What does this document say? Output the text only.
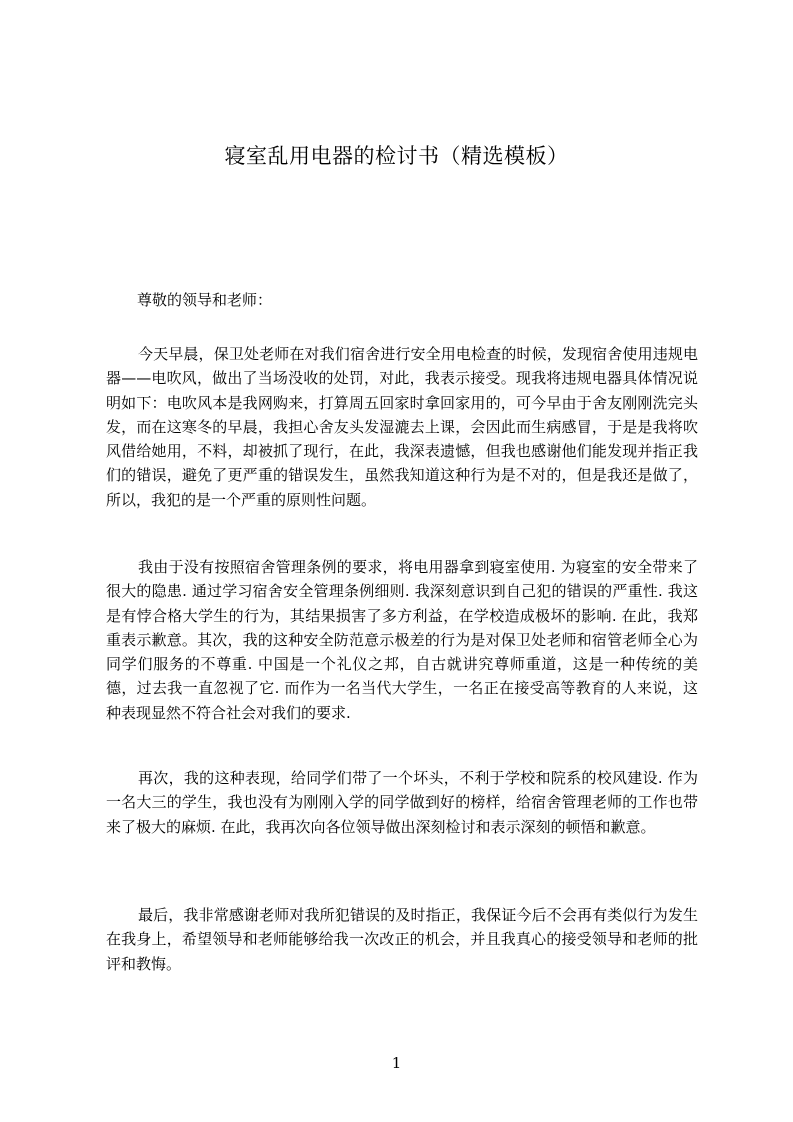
寝室乱用电器的检讨书（精选模板）

尊敬的领导和老师：

今天早晨，保卫处老师在对我们宿舍进行安全用电检查的时候，发现宿舍使用违规电器——电吹风，做出了当场没收的处罚，对此，我表示接受。现我将违规电器具体情况说明如下：电吹风本是我网购来，打算周五回家时拿回家用的，可今早由于舍友刚刚洗完头发，而在这寒冬的早晨，我担心舍友头发湿漉去上课，会因此而生病感冒，于是是我将吹风借给她用，不料，却被抓了现行，在此，我深表遗憾，但我也感谢他们能发现并指正我们的错误，避免了更严重的错误发生，虽然我知道这种行为是不对的，但是我还是做了，所以，我犯的是一个严重的原则性问题。

我由于没有按照宿舍管理条例的要求，将电用器拿到寝室使用. 为寝室的安全带来了很大的隐患. 通过学习宿舍安全管理条例细则. 我深刻意识到自己犯的错误的严重性. 我这是有悖合格大学生的行为，其结果损害了多方利益，在学校造成极坏的影响. 在此，我郑重表示歉意。其次，我的这种安全防范意示极差的行为是对保卫处老师和宿管老师全心为同学们服务的不尊重. 中国是一个礼仪之邦，自古就讲究尊师重道，这是一种传统的美德，过去我一直忽视了它. 而作为一名当代大学生，一名正在接受高等教育的人来说，这种表现显然不符合社会对我们的要求.

再次，我的这种表现，给同学们带了一个坏头，不利于学校和院系的校风建设. 作为一名大三的学生，我也没有为刚刚入学的同学做到好的榜样，给宿舍管理老师的工作也带来了极大的麻烦. 在此，我再次向各位领导做出深刻检讨和表示深刻的顿悟和歉意。

最后，我非常感谢老师对我所犯错误的及时指正，我保证今后不会再有类似行为发生在我身上，希望领导和老师能够给我一次改正的机会，并且我真心的接受领导和老师的批评和教悔。

1
